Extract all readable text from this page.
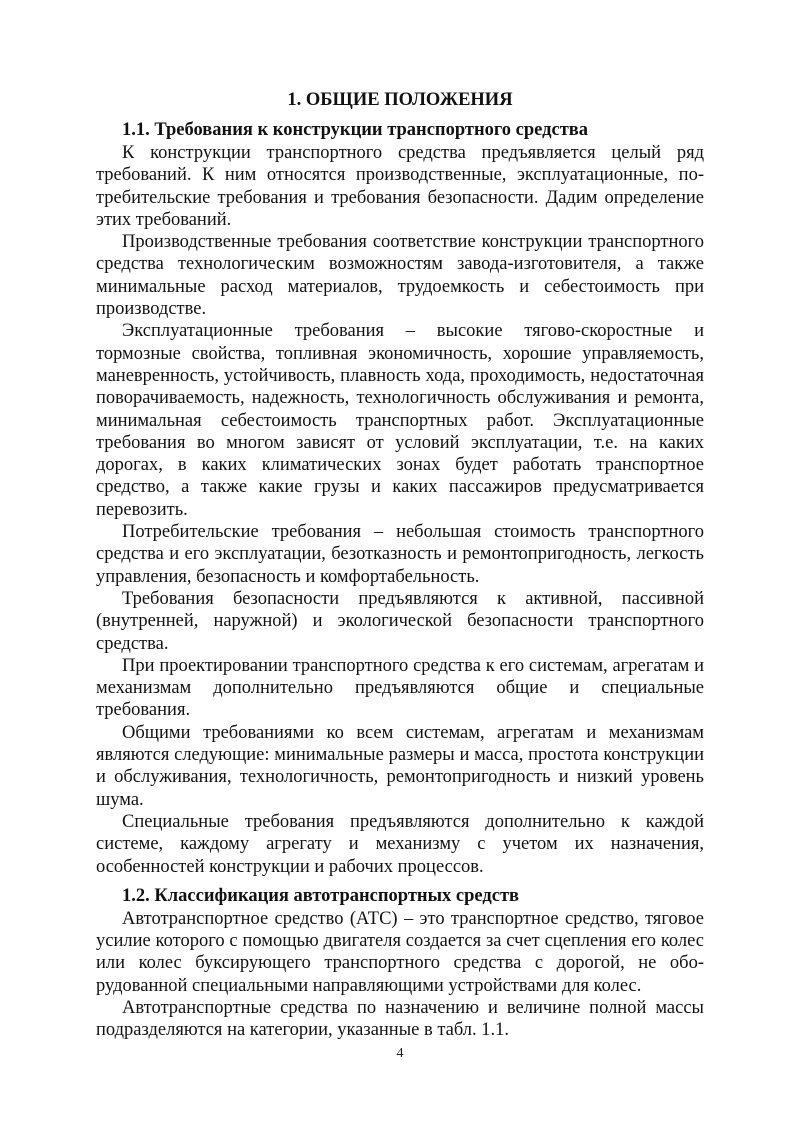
1. ОБЩИЕ ПОЛОЖЕНИЯ
1.1. Требования к конструкции транспортного средства

К конструкции транспортного средства предъявляется целый ряд требований. К ним относятся производственные, эксплуатационные, потребительские требования и требования безопасности. Дадим определение этих требований.

Производственные требования соответствие конструкции транспортного средства технологическим возможностям завода-изготовителя, а также минимальные расход материалов, трудоемкость и себестоимость при производстве.

Эксплуатационные требования – высокие тягово-скоростные и тормозные свойства, топливная экономичность, хорошие управляемость, маневренность, устойчивость, плавность хода, проходимость, недостаточная поворачиваемость, надежность, технологичность обслуживания и ремонта, минимальная себестоимость транспортных работ. Эксплуатационные требования во многом зависят от условий эксплуатации, т.е. на каких дорогах, в каких климатических зонах будет работать транспортное средство, а также какие грузы и каких пассажиров предусматривается перевозить.

Потребительские требования – небольшая стоимость транспортного средства и его эксплуатации, безотказность и ремонтопригодность, легкость управления, безопасность и комфортабельность.

Требования безопасности предъявляются к активной, пассивной (внутренней, наружной) и экологической безопасности транспортного средства.

При проектировании транспортного средства к его системам, агрегатам и механизмам дополнительно предъявляются общие и специальные требования.

Общими требованиями ко всем системам, агрегатам и механизмам являются следующие: минимальные размеры и масса, простота конструкции и обслуживания, технологичность, ремонтопригодность и низкий уровень шума.

Специальные требования предъявляются дополнительно к каждой системе, каждому агрегату и механизму с учетом их назначения, особенностей конструкции и рабочих процессов.

1.2. Классификация автотранспортных средств

Автотранспортное средство (АТС) – это транспортное средство, тяговое усилие которого с помощью двигателя создается за счет сцепления его колес или колес буксирующего транспортного средства с дорогой, не оборудованной специальными направляющими устройствами для колес.

Автотранспортные средства по назначению и величине полной массы подразделяются на категории, указанные в табл. 1.1.

4
